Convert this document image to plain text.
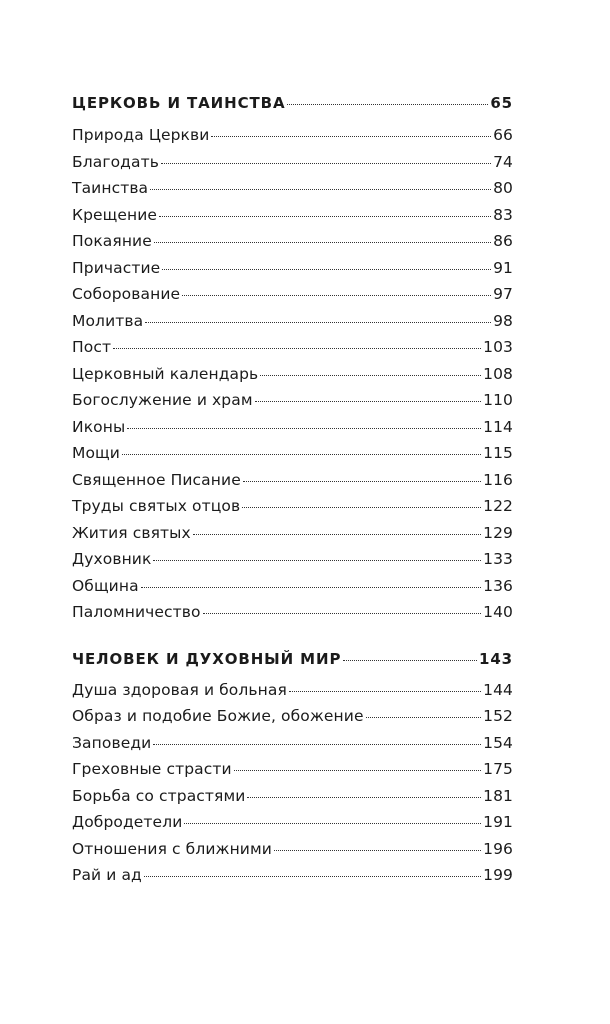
ЦЕРКОВЬ И ТАИНСТВА	65
Природа Церкви	66
Благодать	74
Таинства	80
Крещение	83
Покаяние	86
Причастие	91
Соборование	97
Молитва	98
Пост	103
Церковный календарь	108
Богослужение и храм	110
Иконы	114
Мощи	115
Священное Писание	116
Труды святых отцов	122
Жития святых	129
Духовник	133
Община	136
Паломничество	140
ЧЕЛОВЕК И ДУХОВНЫЙ МИР	143
Душа здоровая и больная	144
Образ и подобие Божие, обожение	152
Заповеди	154
Греховные страсти	175
Борьба со страстями	181
Добродетели	191
Отношения с ближними	196
Рай и ад	199
